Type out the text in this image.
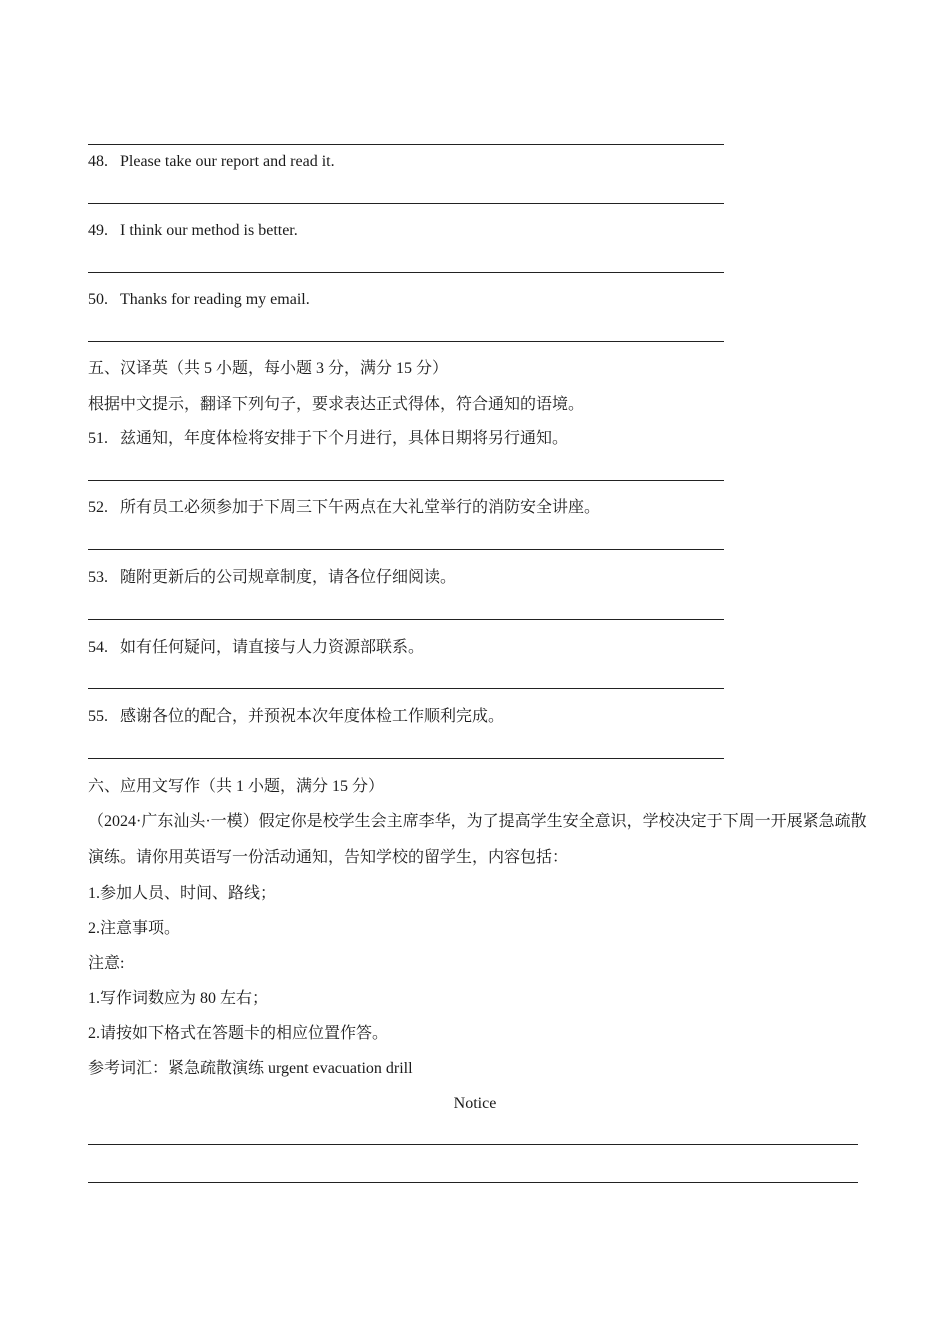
48. Please take our report and read it.
49. I think our method is better.
50. Thanks for reading my email.
五、汉译英（共 5 小题，每小题 3 分，满分 15 分）
根据中文提示，翻译下列句子，要求表达正式得体，符合通知的语境。
51. 兹通知，年度体检将安排于下个月进行，具体日期将另行通知。
52. 所有员工必须参加于下周三下午两点在大礼堂举行的消防安全讲座。
53. 随附更新后的公司规章制度，请各位仔细阅读。
54. 如有任何疑问，请直接与人力资源部联系。
55. 感谢各位的配合，并预祝本次年度体检工作顺利完成。
六、应用文写作（共 1 小题，满分 15 分）
（2024·广东汕头·一模）假定你是校学生会主席李华，为了提高学生安全意识，学校决定于下周一开展紧急疏散演练。请你用英语写一份活动通知，告知学校的留学生，内容包括：
1.参加人员、时间、路线；
2.注意事项。
注意:
1.写作词数应为 80 左右；
2.请按如下格式在答题卡的相应位置作答。
参考词汇：紧急疏散演练 urgent evacuation drill
Notice
